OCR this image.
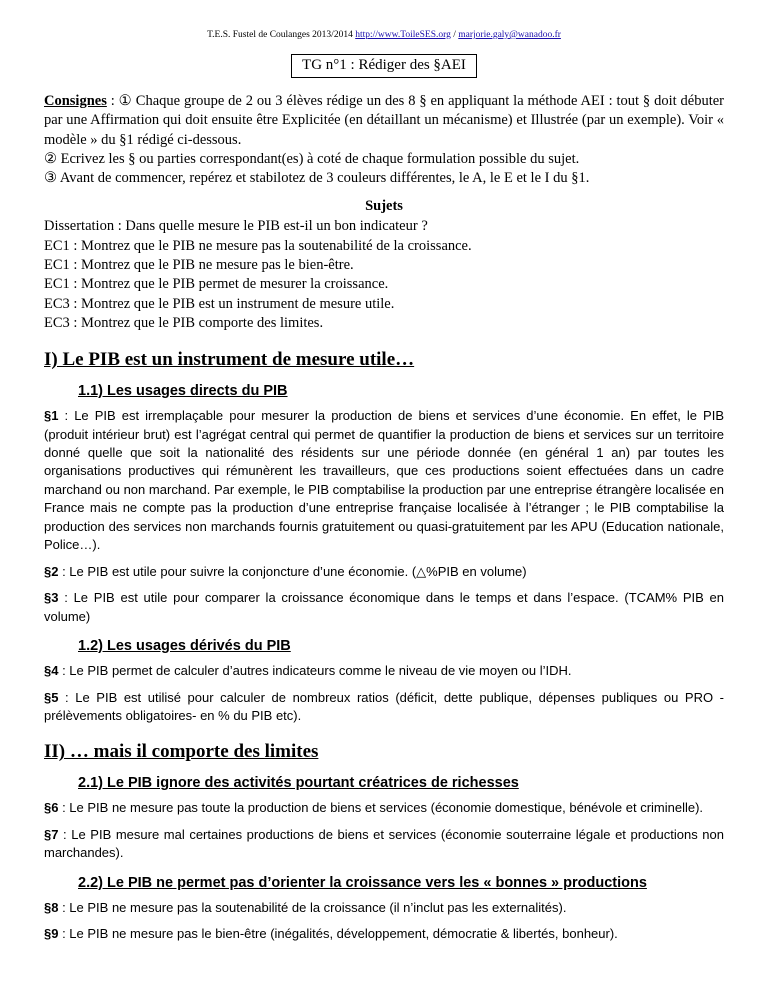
T.E.S. Fustel de Coulanges 2013/2014 http://www.ToileSES.org / marjorie.galy@wanadoo.fr
TG n°1 : Rédiger des §AEI
Consignes : ① Chaque groupe de 2 ou 3 élèves rédige un des 8 § en appliquant la méthode AEI : tout § doit débuter par une Affirmation qui doit ensuite être Explicitée (en détaillant un mécanisme) et Illustrée (par un exemple). Voir « modèle » du §1 rédigé ci-dessous.
② Ecrivez les § ou parties correspondant(es) à coté de chaque formulation possible du sujet.
③ Avant de commencer, repérez et stabilotez de 3 couleurs différentes, le A, le E et le I du §1.
Sujets
Dissertation : Dans quelle mesure le PIB est-il un bon indicateur ?
EC1 : Montrez que le PIB ne mesure pas la soutenabilité de la croissance.
EC1 : Montrez que le PIB ne mesure pas le bien-être.
EC1 : Montrez que le PIB permet de mesurer la croissance.
EC3 : Montrez que le PIB est un instrument de mesure utile.
EC3 : Montrez que le PIB comporte des limites.
I) Le PIB est un instrument de mesure utile…
1.1) Les usages directs du PIB

§1 : Le PIB est irremplaçable pour mesurer la production de biens et services d’une économie. En effet, le PIB (produit intérieur brut) est l’agrégat central qui permet de quantifier la production de biens et services sur un territoire donné quelle que soit la nationalité des résidents sur une période donnée (en général 1 an) par toutes les organisations productives qui rémunèrent les travailleurs, que ces productions soient effectuées dans un cadre marchand ou non marchand. Par exemple, le PIB comptabilise la production par une entreprise étrangère localisée en France mais ne compte pas la production d’une entreprise française localisée à l’étranger ; le PIB comptabilise la production des services non marchands fournis gratuitement ou quasi-gratuitement par les APU (Education nationale, Police…).

§2 : Le PIB est utile pour suivre la conjoncture d’une économie. (△%PIB en volume)

§3 : Le PIB est utile pour comparer la croissance économique dans le temps et dans l’espace. (TCAM% PIB en volume)

1.2) Les usages dérivés du PIB

§4 : Le PIB permet de calculer d’autres indicateurs comme le niveau de vie moyen ou l’IDH.

§5 : Le PIB est utilisé pour calculer de nombreux ratios (déficit, dette publique, dépenses publiques ou PRO -prélèvements obligatoires- en % du PIB etc).

II) … mais il comporte des limites
2.1) Le PIB ignore des activités pourtant créatrices de richesses

§6 : Le PIB ne mesure pas toute la production de biens et services (économie domestique, bénévole et criminelle).

§7 : Le PIB mesure mal certaines productions de biens et services (économie souterraine légale et productions non marchandes).

2.2) Le PIB ne permet pas d’orienter la croissance vers les « bonnes » productions

§8 : Le PIB ne mesure pas la soutenabilité de la croissance (il n’inclut pas les externalités).

§9 : Le PIB ne mesure pas le bien-être (inégalités, développement, démocratie & libertés, bonheur).
